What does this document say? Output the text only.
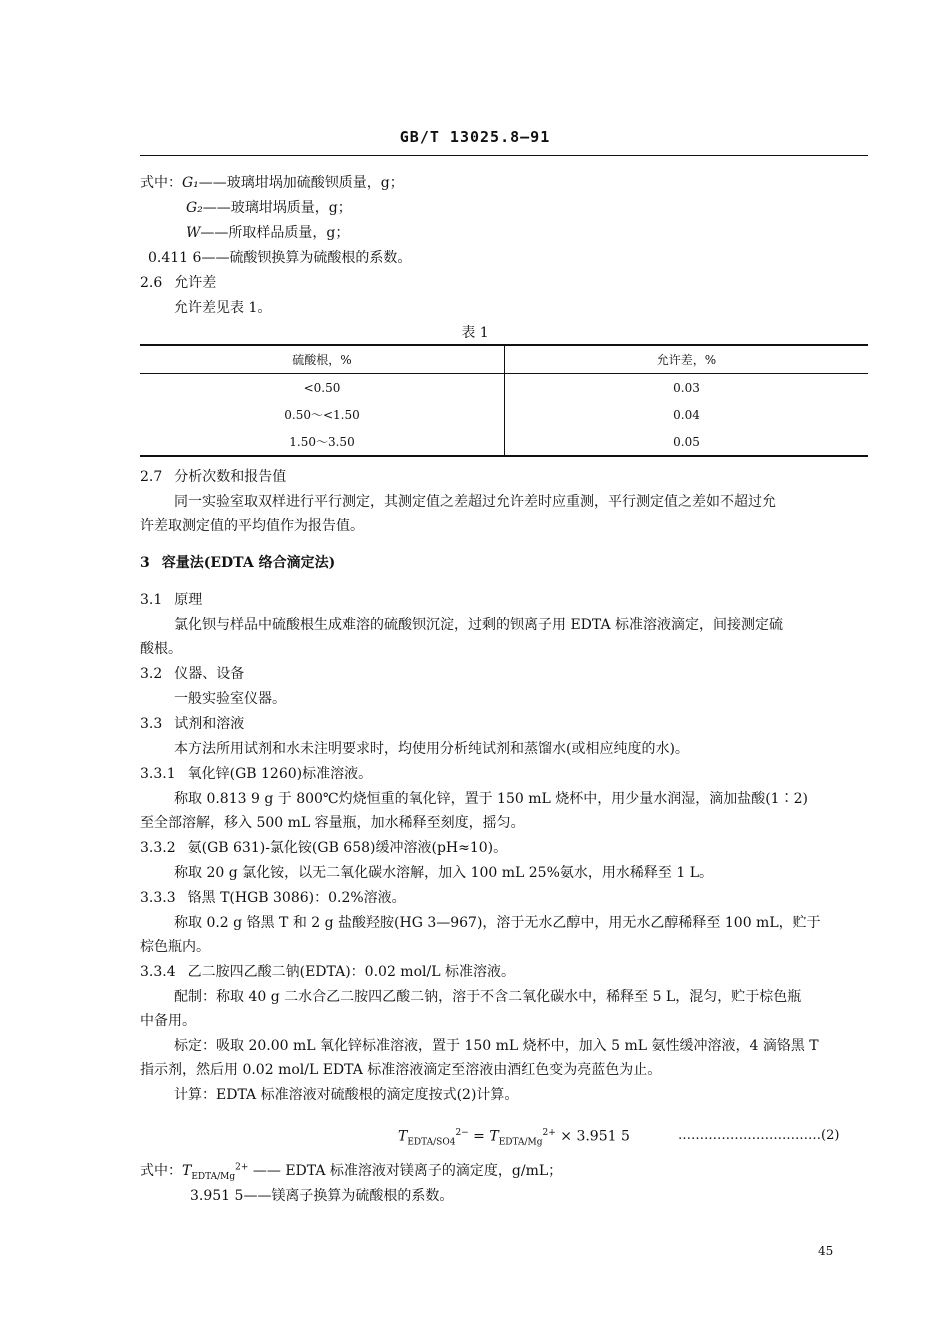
GB/T 13025.8—91
式中：G₁——玻璃坩埚加硫酸钡质量，g；
G₂——玻璃坩埚质量，g；
W——所取样品质量，g；
0.411 6——硫酸钡换算为硫酸根的系数。
2.6 允许差
允许差见表 1。
表 1
硫酸根，%	允许差，%
<0.50	0.03
0.50～<1.50	0.04
1.50～3.50	0.05
2.7 分析次数和报告值
同一实验室取双样进行平行测定，其测定值之差超过允许差时应重测，平行测定值之差如不超过允
许差取测定值的平均值作为报告值。
3 容量法(EDTA 络合滴定法)
3.1 原理
氯化钡与样品中硫酸根生成难溶的硫酸钡沉淀，过剩的钡离子用 EDTA 标准溶液滴定，间接测定硫
酸根。
3.2 仪器、设备
一般实验室仪器。
3.3 试剂和溶液
本方法所用试剂和水未注明要求时，均使用分析纯试剂和蒸馏水(或相应纯度的水)。
3.3.1 氧化锌(GB 1260)标准溶液。
称取 0.813 9 g 于 800℃灼烧恒重的氧化锌，置于 150 mL 烧杯中，用少量水润湿，滴加盐酸(1∶2)
至全部溶解，移入 500 mL 容量瓶，加水稀释至刻度，摇匀。
3.3.2 氨(GB 631)-氯化铵(GB 658)缓冲溶液(pH≈10)。
称取 20 g 氯化铵，以无二氧化碳水溶解，加入 100 mL 25%氨水，用水稀释至 1 L。
3.3.3 铬黑 T(HGB 3086)：0.2%溶液。
称取 0.2 g 铬黑 T 和 2 g 盐酸羟胺(HG 3—967)，溶于无水乙醇中，用无水乙醇稀释至 100 mL，贮于
棕色瓶内。
3.3.4 乙二胺四乙酸二钠(EDTA)：0.02 mol/L 标准溶液。
配制：称取 40 g 二水合乙二胺四乙酸二钠，溶于不含二氧化碳水中，稀释至 5 L，混匀，贮于棕色瓶
中备用。
标定：吸取 20.00 mL 氧化锌标准溶液，置于 150 mL 烧杯中，加入 5 mL 氨性缓冲溶液，4 滴铬黑 T
指示剂，然后用 0.02 mol/L EDTA 标准溶液滴定至溶液由酒红色变为亮蓝色为止。
计算：EDTA 标准溶液对硫酸根的滴定度按式(2)计算。
$T_{EDTA/SO4}^{2-} = T_{EDTA/Mg}^{2+} \times 3.951$ 5	……………………………(2)
式中：$T_{EDTA/Mg}^{2+}$ —— EDTA 标准溶液对镁离子的滴定度，g/mL；
3.951 5——镁离子换算为硫酸根的系数。
45
